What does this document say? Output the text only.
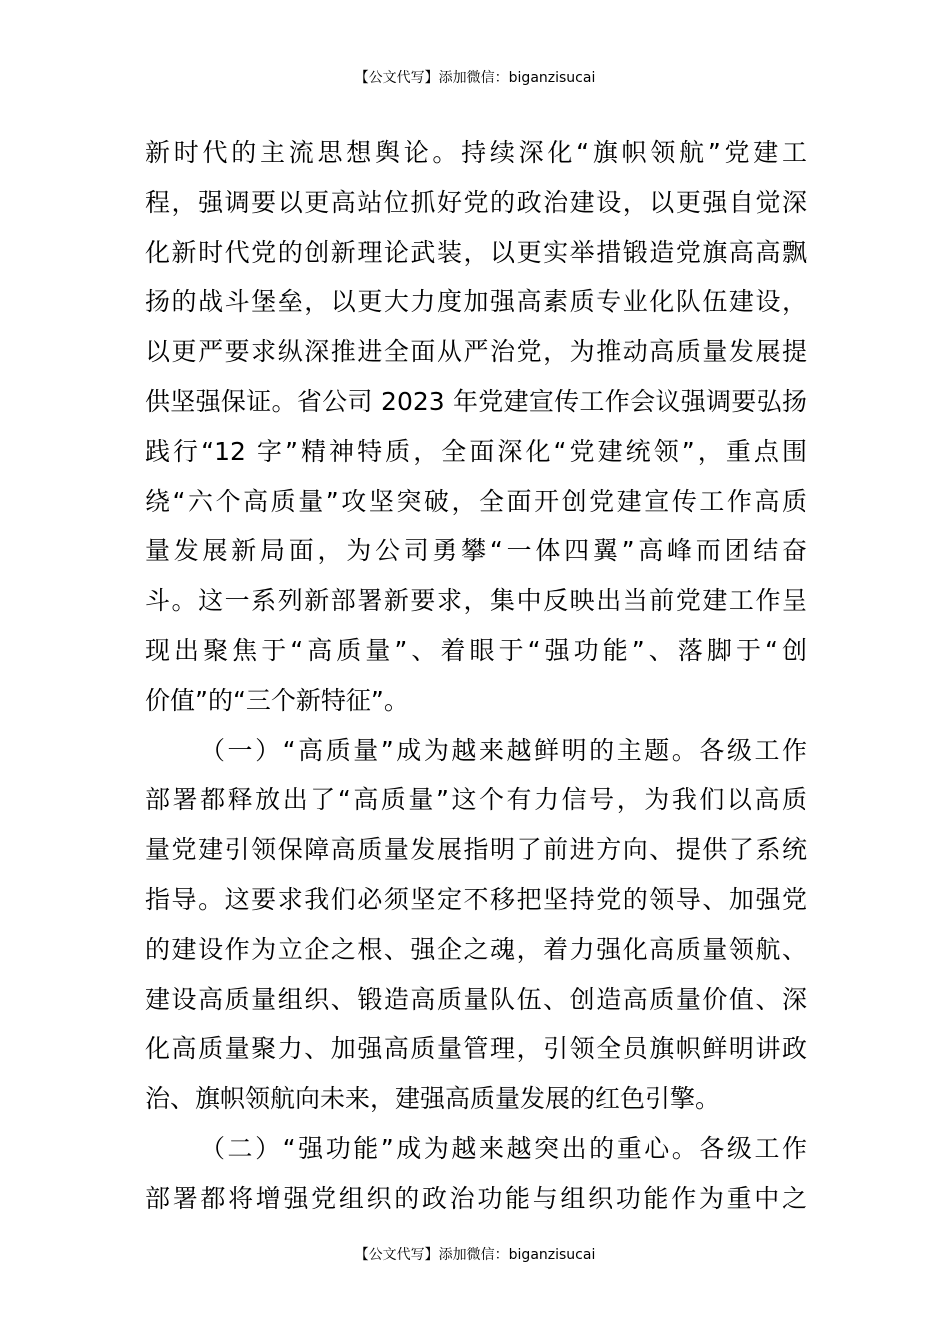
【公文代写】添加微信：biganzisucai
新时代的主流思想舆论。持续深化“旗帜领航”党建工
程，强调要以更高站位抓好党的政治建设，以更强自觉深
化新时代党的创新理论武装，以更实举措锻造党旗高高飘
扬的战斗堡垒，以更大力度加强高素质专业化队伍建设，
以更严要求纵深推进全面从严治党，为推动高质量发展提
供坚强保证。省公司 2023 年党建宣传工作会议强调要弘扬
践行“12 字”精神特质，全面深化“党建统领”，重点围
绕“六个高质量”攻坚突破，全面开创党建宣传工作高质
量发展新局面，为公司勇攀“一体四翼”高峰而团结奋
斗。这一系列新部署新要求，集中反映出当前党建工作呈
现出聚焦于“高质量”、着眼于“强功能”、落脚于“创
价值”的“三个新特征”。
（一）“高质量”成为越来越鲜明的主题。各级工作
部署都释放出了“高质量”这个有力信号，为我们以高质
量党建引领保障高质量发展指明了前进方向、提供了系统
指导。这要求我们必须坚定不移把坚持党的领导、加强党
的建设作为立企之根、强企之魂，着力强化高质量领航、
建设高质量组织、锻造高质量队伍、创造高质量价值、深
化高质量聚力、加强高质量管理，引领全员旗帜鲜明讲政
治、旗帜领航向未来，建强高质量发展的红色引擎。
（二）“强功能”成为越来越突出的重心。各级工作
部署都将增强党组织的政治功能与组织功能作为重中之
【公文代写】添加微信：biganzisucai
